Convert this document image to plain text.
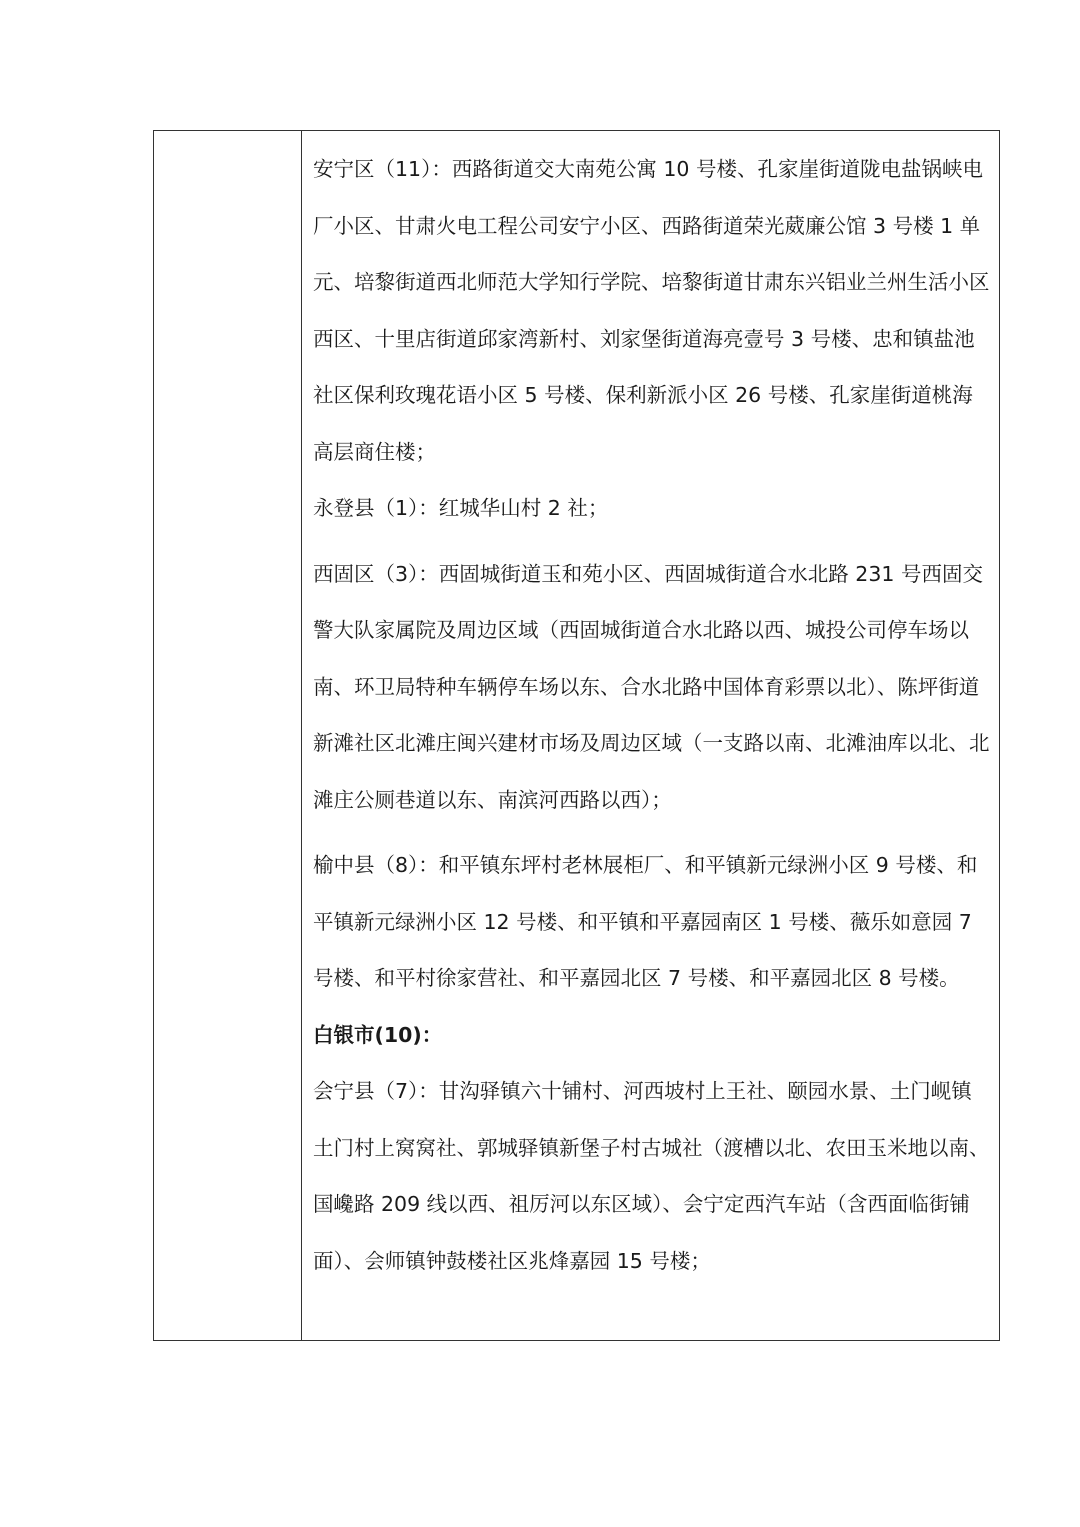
安宁区（11）：西路街道交大南苑公寓 10 号楼、孔家崖街道陇电盐锅峡电厂小区、甘肃火电工程公司安宁小区、西路街道荣光葳廉公馆 3 号楼 1 单元、培黎街道西北师范大学知行学院、培黎街道甘肃东兴铝业兰州生活小区西区、十里店街道邱家湾新村、刘家堡街道海亮壹号 3 号楼、忠和镇盐池社区保利玫瑰花语小区 5 号楼、保利新派小区 26 号楼、孔家崖街道桃海高层商住楼；

永登县（1）：红城华山村 2 社；

西固区（3）：西固城街道玉和苑小区、西固城街道合水北路 231 号西固交警大队家属院及周边区域（西固城街道合水北路以西、城投公司停车场以南、环卫局特种车辆停车场以东、合水北路中国体育彩票以北）、陈坪街道新滩社区北滩庄闽兴建材市场及周边区域（一支路以南、北滩油库以北、北滩庄公厕巷道以东、南滨河西路以西）；

榆中县（8）：和平镇东坪村老林展柜厂、和平镇新元绿洲小区 9 号楼、和平镇新元绿洲小区 12 号楼、和平镇和平嘉园南区 1 号楼、薇乐如意园 7 号楼、和平村徐家营社、和平嘉园北区 7 号楼、和平嘉园北区 8 号楼。

白银市(10)：

会宁县（7）：甘沟驿镇六十铺村、河西坡村上王社、颐园水景、土门岘镇土门村上窝窝社、郭城驿镇新堡子村古城社（渡槽以北、农田玉米地以南、国巉路 209 线以西、祖厉河以东区域）、会宁定西汽车站（含西面临街铺面）、会师镇钟鼓楼社区兆烽嘉园 15 号楼；
